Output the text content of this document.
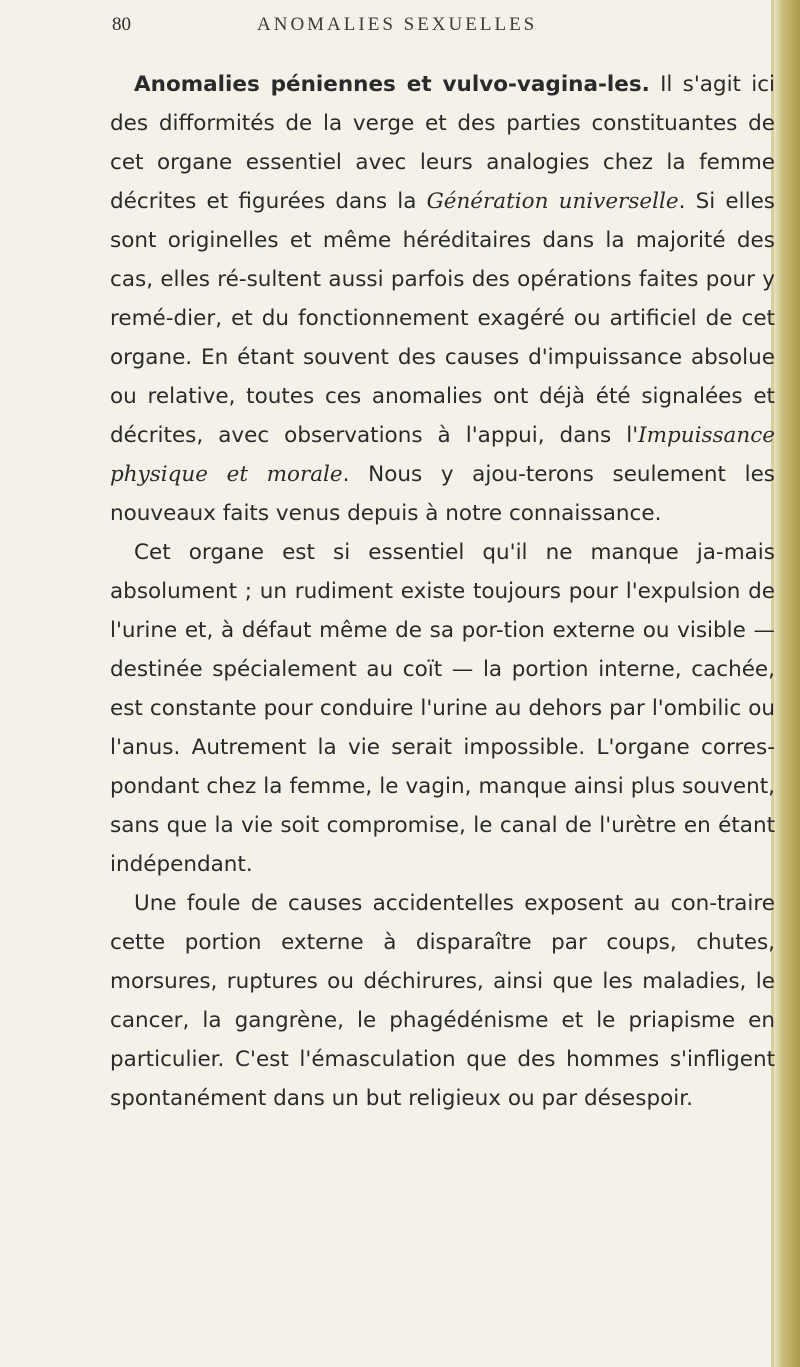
80	ANOMALIES SEXUELLES

Anomalies péniennes et vulvo-vagina-les. Il s'agit ici des difformités de la verge et des parties constituantes de cet organe essentiel avec leurs analogies chez la femme décrites et figurées dans la Génération universelle. Si elles sont originelles et même héréditaires dans la majorité des cas, elles ré-sultent aussi parfois des opérations faites pour y remé-dier, et du fonctionnement exagéré ou artificiel de cet organe. En étant souvent des causes d'impuissance absolue ou relative, toutes ces anomalies ont déjà été signalées et décrites, avec observations à l'appui, dans l'Impuissance physique et morale. Nous y ajou-terons seulement les nouveaux faits venus depuis à notre connaissance.

Cet organe est si essentiel qu'il ne manque ja-mais absolument ; un rudiment existe toujours pour l'expulsion de l'urine et, à défaut même de sa por-tion externe ou visible — destinée spécialement au coït — la portion interne, cachée, est constante pour conduire l'urine au dehors par l'ombilic ou l'anus. Autrement la vie serait impossible. L'organe corres-pondant chez la femme, le vagin, manque ainsi plus souvent, sans que la vie soit compromise, le canal de l'urètre en étant indépendant.

Une foule de causes accidentelles exposent au con-traire cette portion externe à disparaître par coups, chutes, morsures, ruptures ou déchirures, ainsi que les maladies, le cancer, la gangrène, le phagédénisme et le priapisme en particulier. C'est l'émasculation que des hommes s'infligent spontanément dans un but religieux ou par désespoir.
